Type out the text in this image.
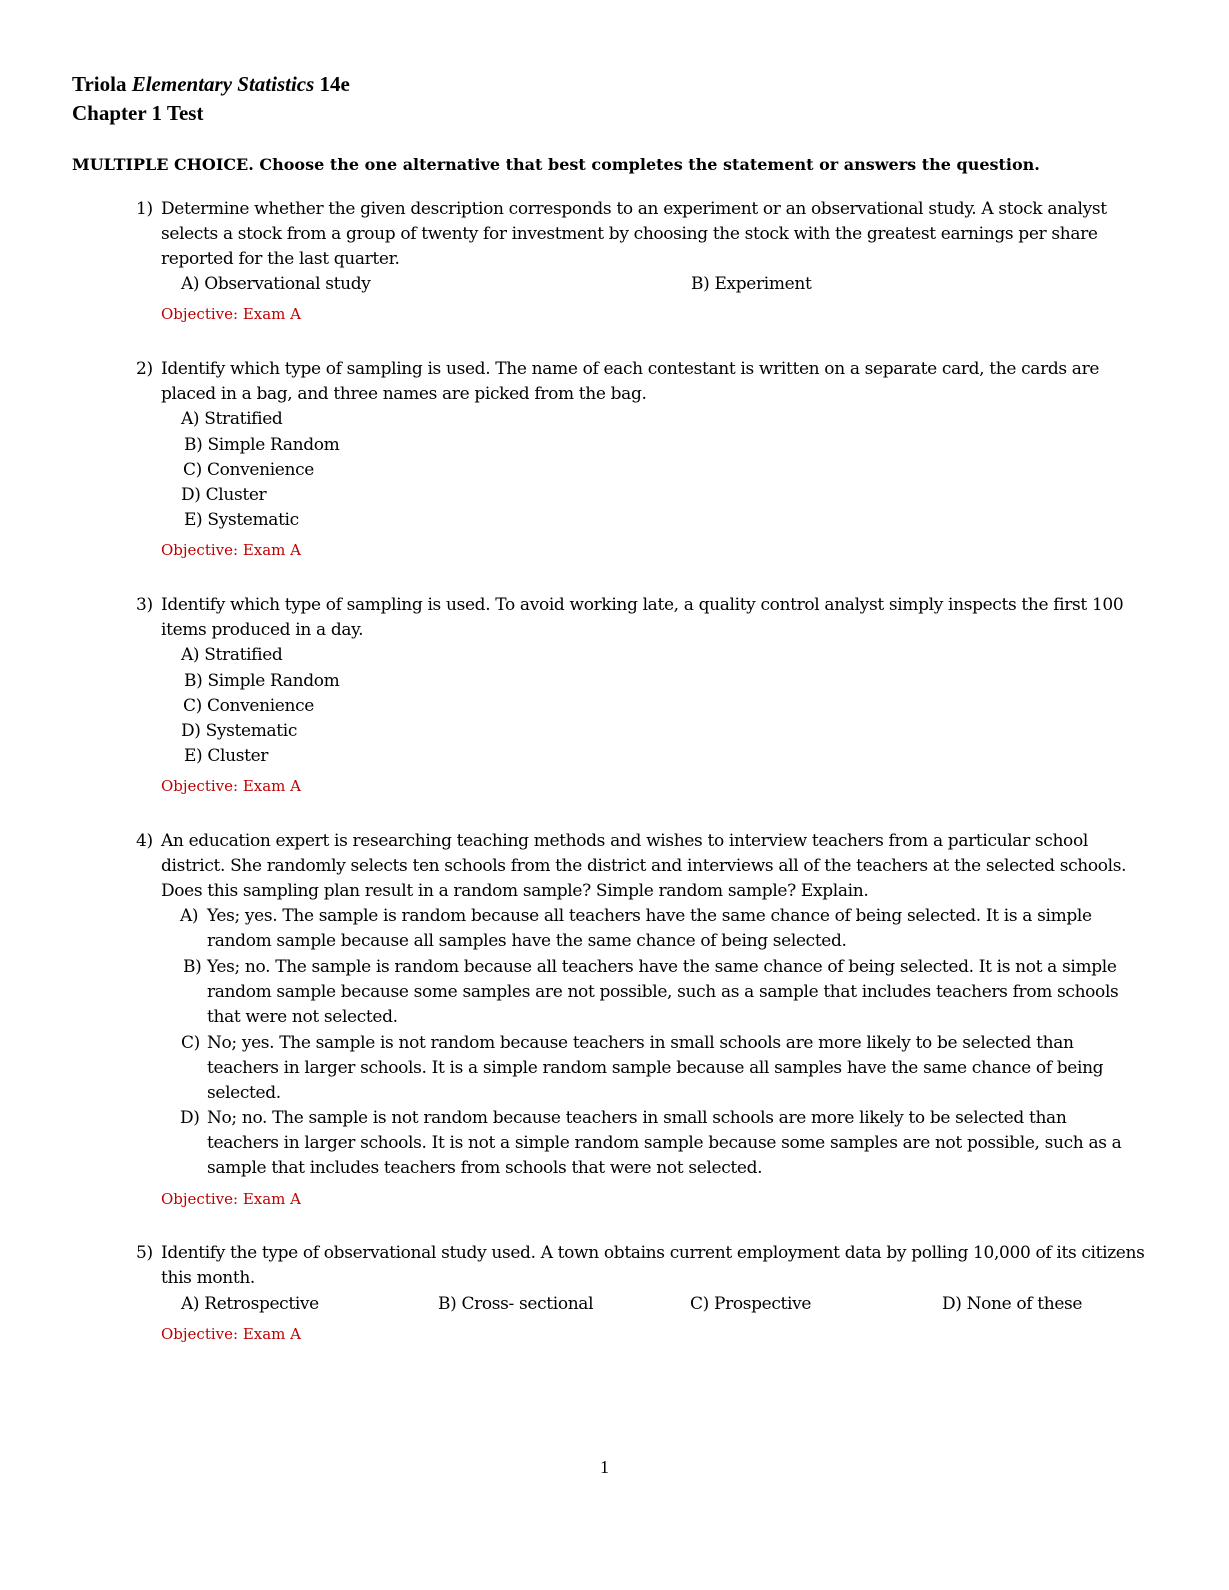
Triola Elementary Statistics 14e
Chapter 1 Test
MULTIPLE CHOICE. Choose the one alternative that best completes the statement or answers the question.
1) Determine whether the given description corresponds to an experiment or an observational study. A stock analyst selects a stock from a group of twenty for investment by choosing the stock with the greatest earnings per share reported for the last quarter.
A) Observational study	B) Experiment
Objective: Exam A
2) Identify which type of sampling is used. The name of each contestant is written on a separate card, the cards are placed in a bag, and three names are picked from the bag.
A) Stratified
B) Simple Random
C) Convenience
D) Cluster
E) Systematic
Objective: Exam A
3) Identify which type of sampling is used. To avoid working late, a quality control analyst simply inspects the first 100 items produced in a day.
A) Stratified
B) Simple Random
C) Convenience
D) Systematic
E) Cluster
Objective: Exam A
4) An education expert is researching teaching methods and wishes to interview teachers from a particular school district. She randomly selects ten schools from the district and interviews all of the teachers at the selected schools. Does this sampling plan result in a random sample? Simple random sample? Explain.
A) Yes; yes. The sample is random because all teachers have the same chance of being selected. It is a simple random sample because all samples have the same chance of being selected.
B) Yes; no. The sample is random because all teachers have the same chance of being selected. It is not a simple random sample because some samples are not possible, such as a sample that includes teachers from schools that were not selected.
C) No; yes. The sample is not random because teachers in small schools are more likely to be selected than teachers in larger schools. It is a simple random sample because all samples have the same chance of being selected.
D) No; no. The sample is not random because teachers in small schools are more likely to be selected than teachers in larger schools. It is not a simple random sample because some samples are not possible, such as a sample that includes teachers from schools that were not selected.
Objective: Exam A
5) Identify the type of observational study used. A town obtains current employment data by polling 10,000 of its citizens this month.
A) Retrospective	B) Cross- sectional	C) Prospective	D) None of these
Objective: Exam A
1
